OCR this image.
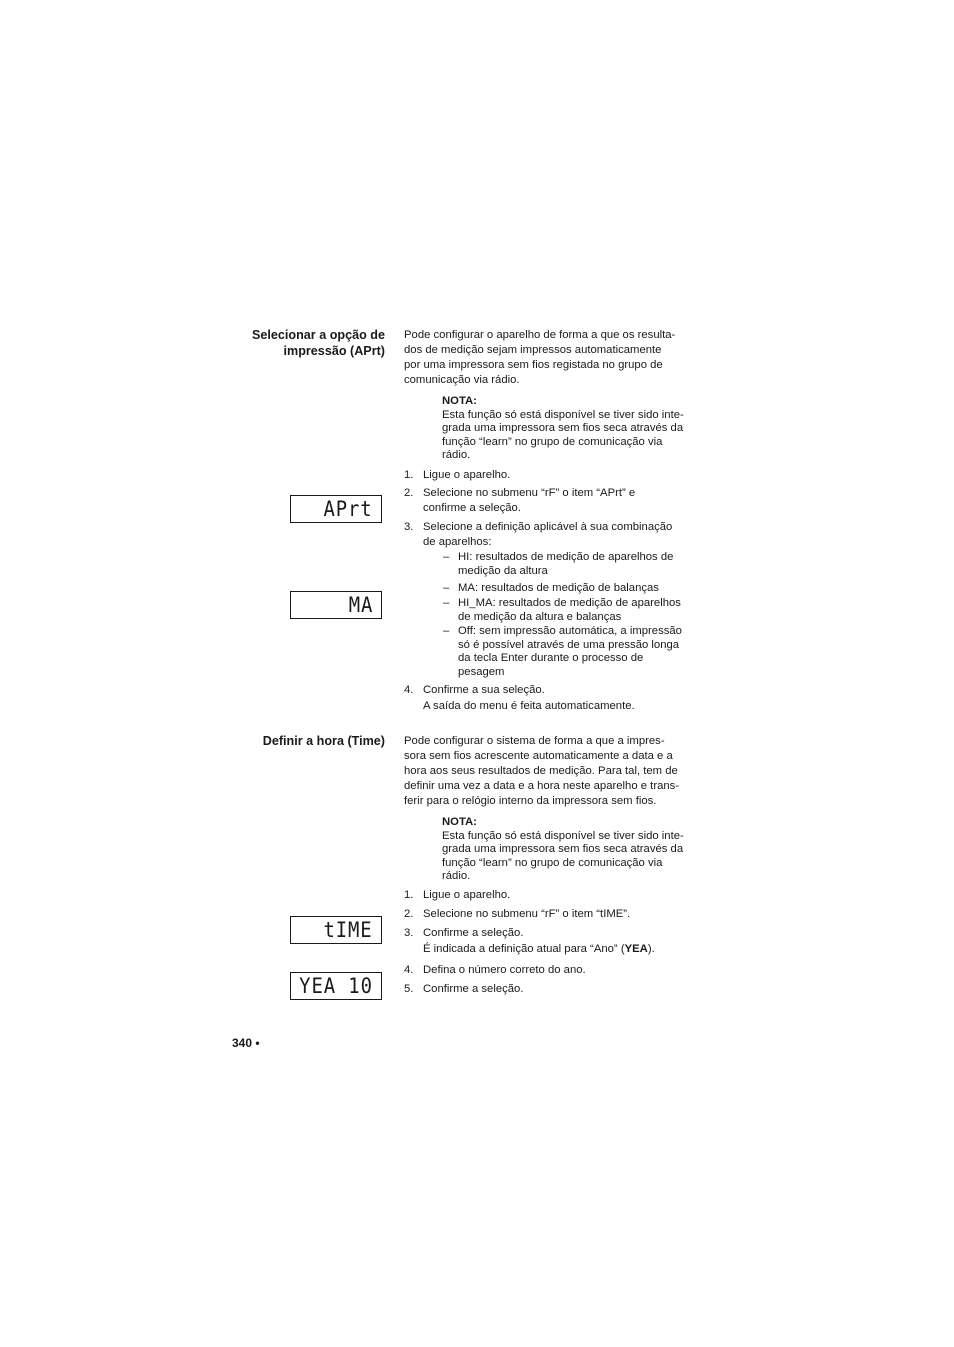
Selecionar a opção de
impressão (APrt)
Pode configurar o aparelho de forma a que os resulta-
dos de medição sejam impressos automaticamente
por uma impressora sem fios registada no grupo de
comunicação via rádio.
NOTA:
Esta função só está disponível se tiver sido inte-
grada uma impressora sem fios seca através da
função “learn” no grupo de comunicação via
rádio.
1. Ligue o aparelho.
2. Selecione no submenu “rF” o item “APrt” e
confirme a seleção.
3. Selecione a definição aplicável à sua combinação
de aparelhos:
– HI: resultados de medição de aparelhos de
medição da altura
– MA: resultados de medição de balanças
– HI_MA: resultados de medição de aparelhos
de medição da altura e balanças
– Off: sem impressão automática, a impressão
só é possível através de uma pressão longa
da tecla Enter durante o processo de
pesagem
4. Confirme a sua seleção.
A saída do menu é feita automaticamente.
APrt
MA
Definir a hora (Time) Pode configurar o sistema de forma a que a impres-
sora sem fios acrescente automaticamente a data e a
hora aos seus resultados de medição. Para tal, tem de
definir uma vez a data e a hora neste aparelho e trans-
ferir para o relógio interno da impressora sem fios.
NOTA:
Esta função só está disponível se tiver sido inte-
grada uma impressora sem fios seca através da
função “learn” no grupo de comunicação via
rádio.
1. Ligue o aparelho.
2. Selecione no submenu “rF” o item “tIME”.
3. Confirme a seleção.
É indicada a definição atual para “Ano” (YEA).
4. Defina o número correto do ano.
5. Confirme a seleção.
tIME
YEA 10
340 •
